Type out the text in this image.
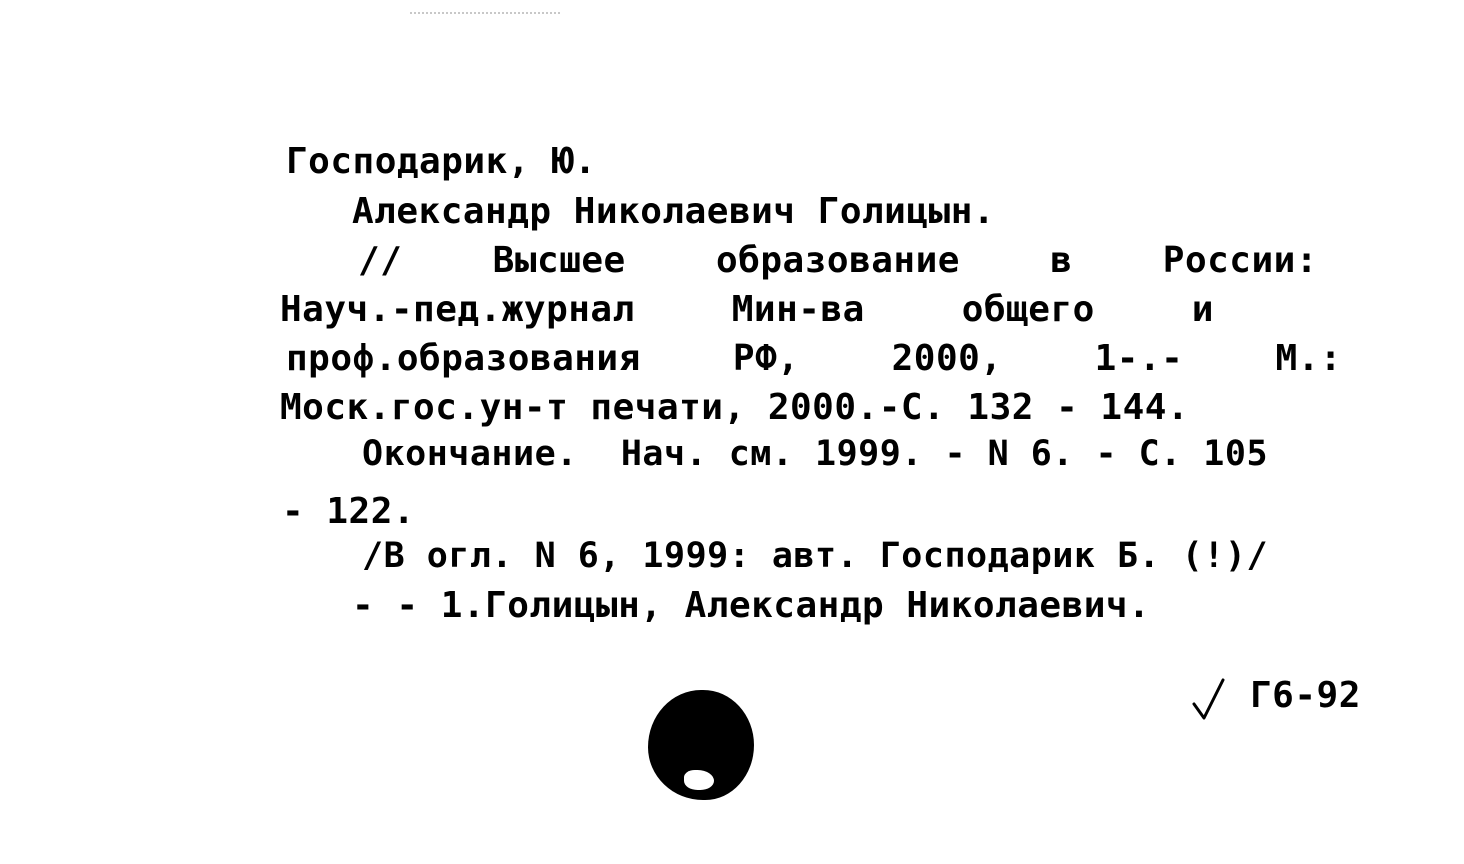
Господарик, Ю.
Александр Николаевич Голицын.
//	Высшее	образование	в	России:
Науч.-пед.журнал	Мин-ва	общего	и
проф.образования	РФ,	2000,	1-.-	М.:
Моск.гос.ун-т печати, 2000.-С. 132 - 144.
Окончание.  Нач. см. 1999. - N 6. - С. 105
- 122.
/В огл. N 6, 1999: авт. Господарик Б. (!)/
- - 1.Голицын, Александр Николаевич.
Г6-92
